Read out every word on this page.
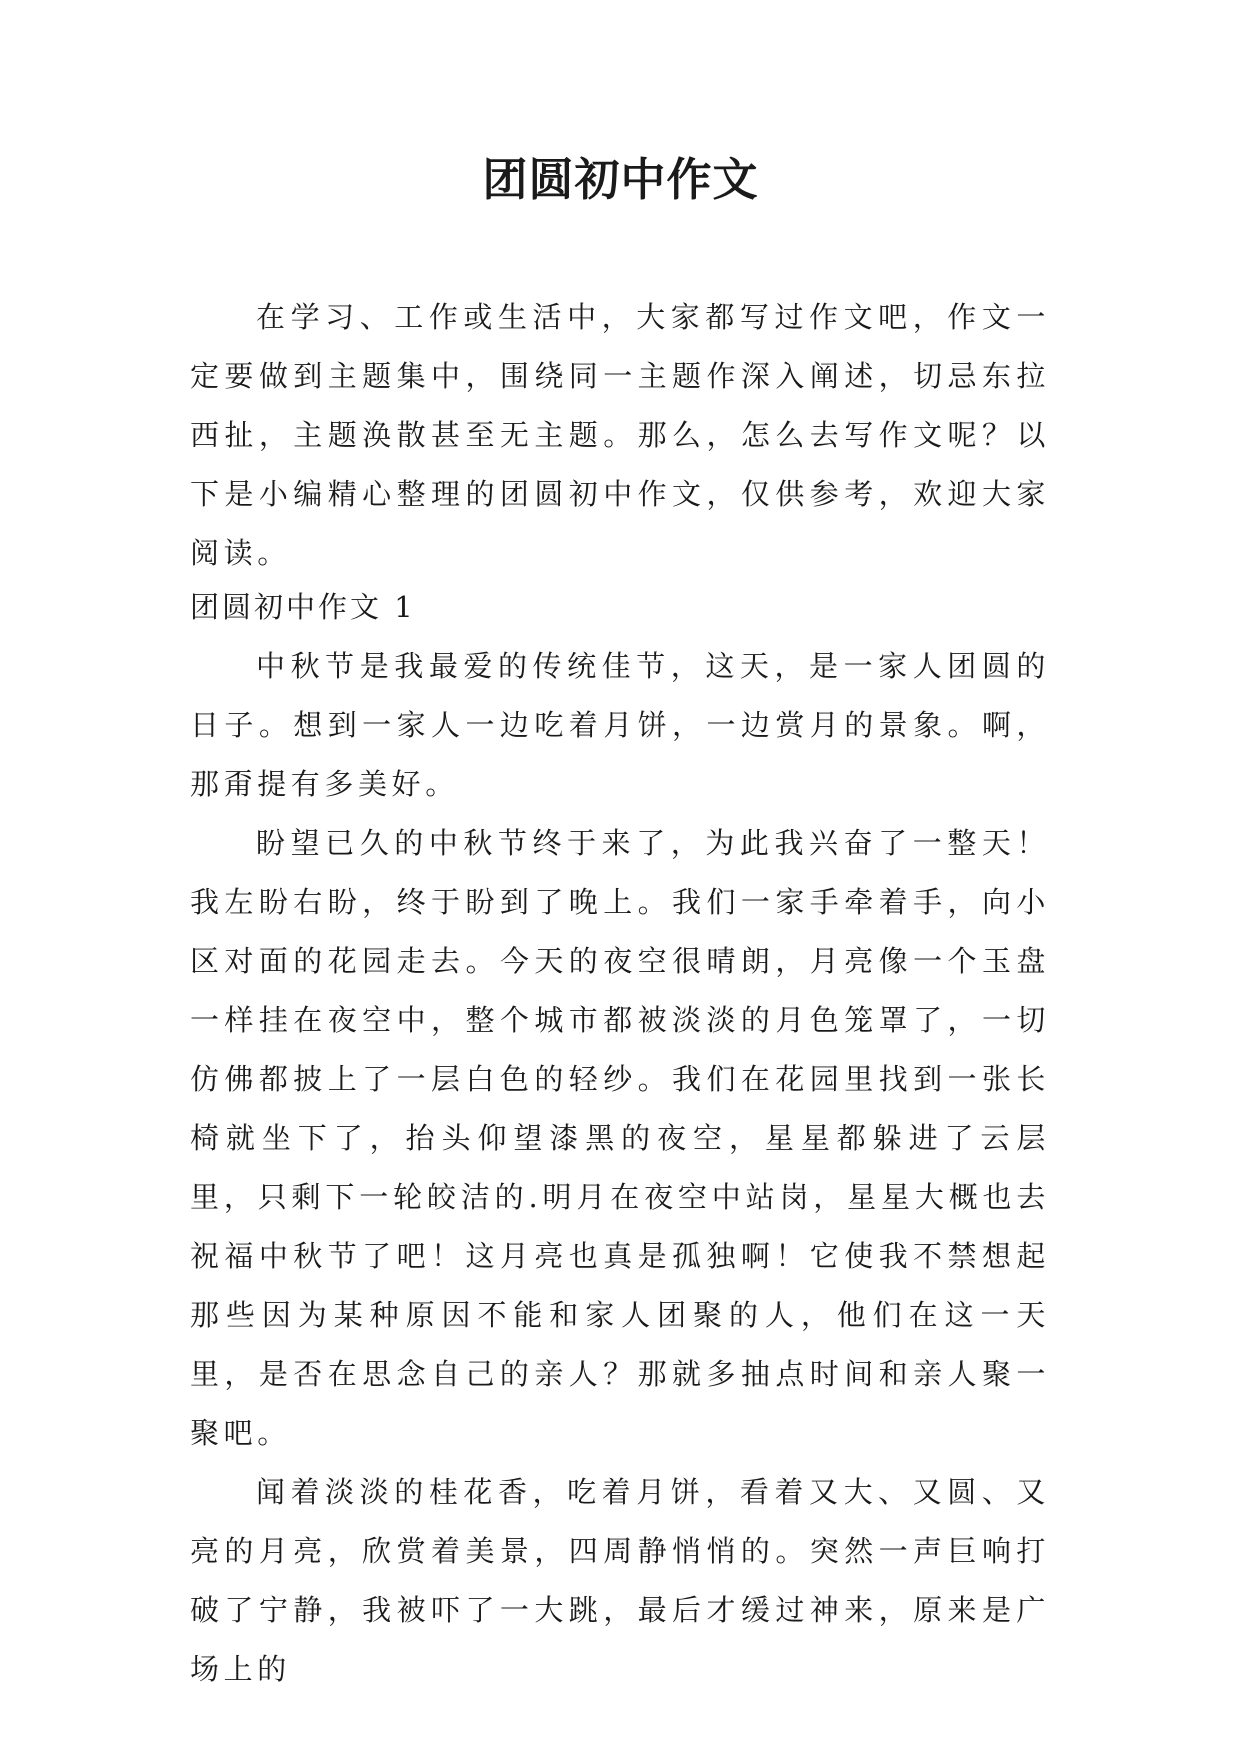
团圆初中作文

在学习、工作或生活中，大家都写过作文吧，作文一定要做到主题集中，围绕同一主题作深入阐述，切忌东拉西扯，主题涣散甚至无主题。那么，怎么去写作文呢？以下是小编精心整理的团圆初中作文，仅供参考，欢迎大家阅读。

团圆初中作文 1

中秋节是我最爱的传统佳节，这天，是一家人团圆的日子。想到一家人一边吃着月饼，一边赏月的景象。啊，那甭提有多美好。

盼望已久的中秋节终于来了，为此我兴奋了一整天！我左盼右盼，终于盼到了晚上。我们一家手牵着手，向小区对面的花园走去。今天的夜空很晴朗，月亮像一个玉盘一样挂在夜空中，整个城市都被淡淡的月色笼罩了，一切仿佛都披上了一层白色的轻纱。我们在花园里找到一张长椅就坐下了，抬头仰望漆黑的夜空，星星都躲进了云层里，只剩下一轮皎洁的.明月在夜空中站岗，星星大概也去祝福中秋节了吧！这月亮也真是孤独啊！它使我不禁想起那些因为某种原因不能和家人团聚的人，他们在这一天里，是否在思念自己的亲人？那就多抽点时间和亲人聚一聚吧。

闻着淡淡的桂花香，吃着月饼，看着又大、又圆、又亮的月亮，欣赏着美景，四周静悄悄的。突然一声巨响打破了宁静，我被吓了一大跳，最后才缓过神来，原来是广场上的
